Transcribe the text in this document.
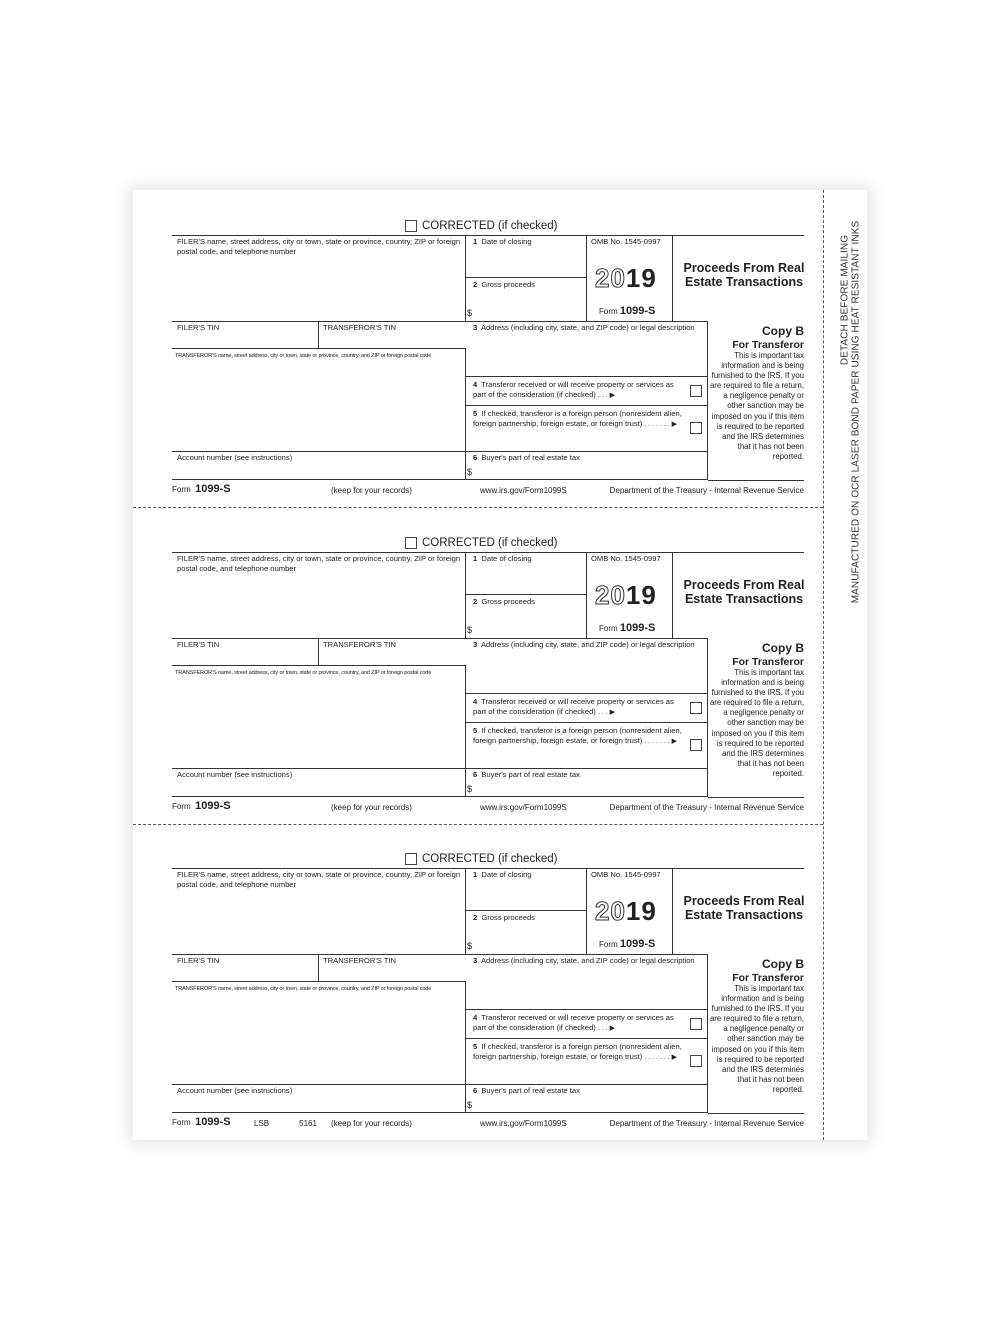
DETACH BEFORE MAILING MANUFACTURED ON OCR LASER BOND PAPER USING HEAT RESISTANT INKS
CORRECTED (if checked)
FILER'S name, street address, city or town, state or province, country, ZIP or foreign postal code, and telephone number
1 Date of closing
2 Gross proceeds
$
OMB No. 1545-0997
2019
Form 1099-S
Proceeds From Real Estate Transactions
FILER'S TIN	TRANSFEROR'S TIN
TRANSFEROR'S name, street address, city or town, state or province, country, and ZIP or foreign postal code
3 Address (including city, state, and ZIP code) or legal description
4 Transferor received or will receive property or services as part of the consideration (if checked) . . . ▶
5 If checked, transferor is a foreign person (nonresident alien, foreign partnership, foreign estate, or foreign trust) . . . . . . . ▶
Copy B
For Transferor
This is important tax information and is being furnished to the IRS. If you are required to file a return, a negligence penalty or other sanction may be imposed on you if this item is required to be reported and the IRS determines that it has not been reported.
Account number (see instructions)	6 Buyer's part of real estate tax
$
Form 1099-S	(keep for your records)	www.irs.gov/Form1099S	Department of the Treasury - Internal Revenue Service
CORRECTED (if checked)
FILER'S name, street address, city or town, state or province, country, ZIP or foreign postal code, and telephone number
1 Date of closing
2 Gross proceeds
$
OMB No. 1545-0997
2019
Form 1099-S
Proceeds From Real Estate Transactions
FILER'S TIN	TRANSFEROR'S TIN
TRANSFEROR'S name, street address, city or town, state or province, country, and ZIP or foreign postal code
3 Address (including city, state, and ZIP code) or legal description
4 Transferor received or will receive property or services as part of the consideration (if checked) . . . ▶
5 If checked, transferor is a foreign person (nonresident alien, foreign partnership, foreign estate, or foreign trust) . . . . . . . ▶
Copy B
For Transferor
This is important tax information and is being furnished to the IRS. If you are required to file a return, a negligence penalty or other sanction may be imposed on you if this item is required to be reported and the IRS determines that it has not been reported.
Account number (see instructions)	6 Buyer's part of real estate tax
$
Form 1099-S	(keep for your records)	www.irs.gov/Form1099S	Department of the Treasury - Internal Revenue Service
CORRECTED (if checked)
FILER'S name, street address, city or town, state or province, country, ZIP or foreign postal code, and telephone number
1 Date of closing
2 Gross proceeds
$
OMB No. 1545-0997
2019
Form 1099-S
Proceeds From Real Estate Transactions
FILER'S TIN	TRANSFEROR'S TIN
TRANSFEROR'S name, street address, city or town, state or province, country, and ZIP or foreign postal code
3 Address (including city, state, and ZIP code) or legal description
4 Transferor received or will receive property or services as part of the consideration (if checked) . . . ▶
5 If checked, transferor is a foreign person (nonresident alien, foreign partnership, foreign estate, or foreign trust) . . . . . . . ▶
Copy B
For Transferor
This is important tax information and is being furnished to the IRS. If you are required to file a return, a negligence penalty or other sanction may be imposed on you if this item is required to be reported and the IRS determines that it has not been reported.
Account number (see instructions)	6 Buyer's part of real estate tax
$
Form 1099-S	LSB	5161 (keep for your records)	www.irs.gov/Form1099S	Department of the Treasury - Internal Revenue Service
